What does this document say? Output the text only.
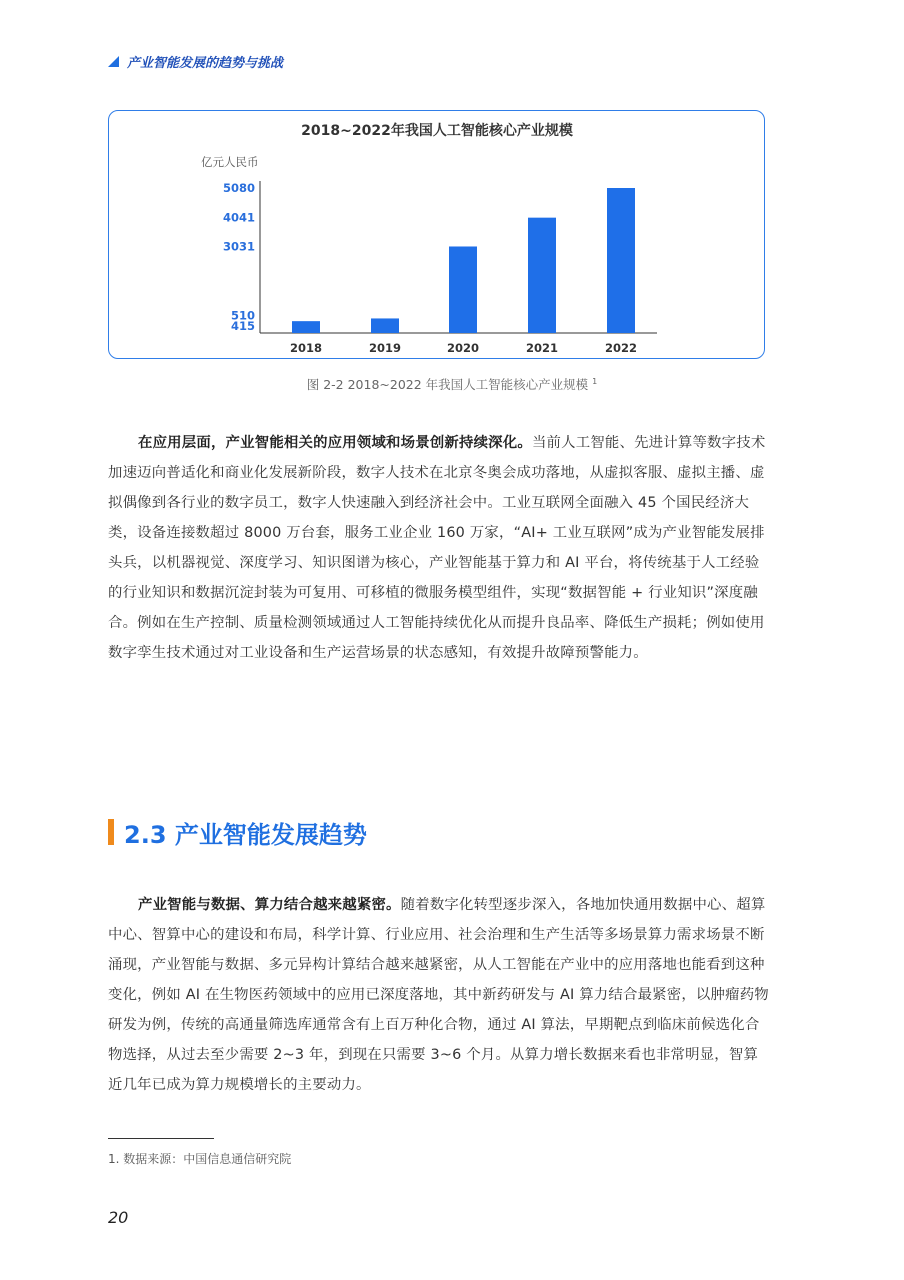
产业智能发展的趋势与挑战
2018~2022年我国人工智能核心产业规模
亿元人民币
415
510
3031
4041
5080
2018	2019	2020	2021	2022
图 2-2 2018~2022 年我国人工智能核心产业规模 $^1$
在应用层面，产业智能相关的应用领域和场景创新持续深化。当前人工智能、先进计算等数字技术加速迈向普适化和商业化发展新阶段，数字人技术在北京冬奥会成功落地，从虚拟客服、虚拟主播、虚拟偶像到各行业的数字员工，数字人快速融入到经济社会中。工业互联网全面融入 45 个国民经济大类，设备连接数超过 8000 万台套，服务工业企业 160 万家，“AI+ 工业互联网”成为产业智能发展排头兵，以机器视觉、深度学习、知识图谱为核心，产业智能基于算力和 AI 平台，将传统基于人工经验的行业知识和数据沉淀封装为可复用、可移植的微服务模型组件，实现“数据智能 + 行业知识”深度融合。例如在生产控制、质量检测领域通过人工智能持续优化从而提升良品率、降低生产损耗；例如使用数字孪生技术通过对工业设备和生产运营场景的状态感知，有效提升故障预警能力。
2.3 产业智能发展趋势
产业智能与数据、算力结合越来越紧密。随着数字化转型逐步深入，各地加快通用数据中心、超算中心、智算中心的建设和布局，科学计算、行业应用、社会治理和生产生活等多场景算力需求场景不断涌现，产业智能与数据、多元异构计算结合越来越紧密，从人工智能在产业中的应用落地也能看到这种变化，例如 AI 在生物医药领域中的应用已深度落地，其中新药研发与 AI 算力结合最紧密，以肿瘤药物研发为例，传统的高通量筛选库通常含有上百万种化合物，通过 AI 算法，早期靶点到临床前候选化合物选择，从过去至少需要 2~3 年，到现在只需要 3~6 个月。从算力增长数据来看也非常明显，智算近几年已成为算力规模增长的主要动力。
1. 数据来源：中国信息通信研究院
20
